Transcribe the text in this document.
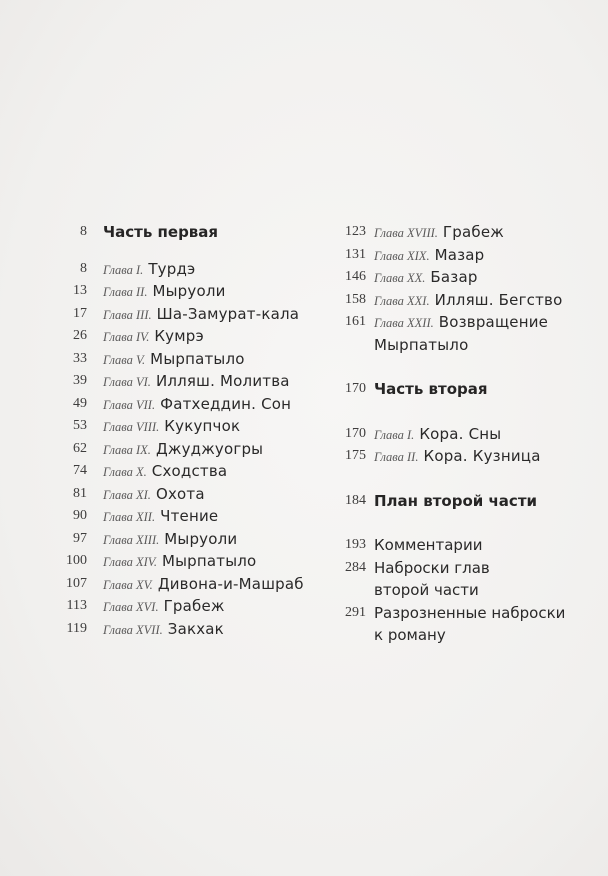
8 Часть первая
8 Глава I. Турдэ
13 Глава II. Мыруоли
17 Глава III. Ша-Замурат-кала
26 Глава IV. Кумрэ
33 Глава V. Мырпатыло
39 Глава VI. Илляш. Молитва
49 Глава VII. Фатхеддин. Сон
53 Глава VIII. Кукупчок
62 Глава IX. Джуджуогры
74 Глава X. Сходства
81 Глава XI. Охота
90 Глава XII. Чтение
97 Глава XIII. Мыруоли
100 Глава XIV. Мырпатыло
107 Глава XV. Дивона-и-Машраб
113 Глава XVI. Грабеж
119 Глава XVII. Закхак
123 Глава XVIII. Грабеж
131 Глава XIX. Мазар
146 Глава XX. Базар
158 Глава XXI. Илляш. Бегство
161 Глава XXII. Возвращение
Мырпатыло
170 Часть вторая
170 Глава I. Кора. Сны
175 Глава II. Кора. Кузница
184 План второй части
193 Комментарии
284 Наброски глав
второй части
291 Разрозненные наброски
к роману
